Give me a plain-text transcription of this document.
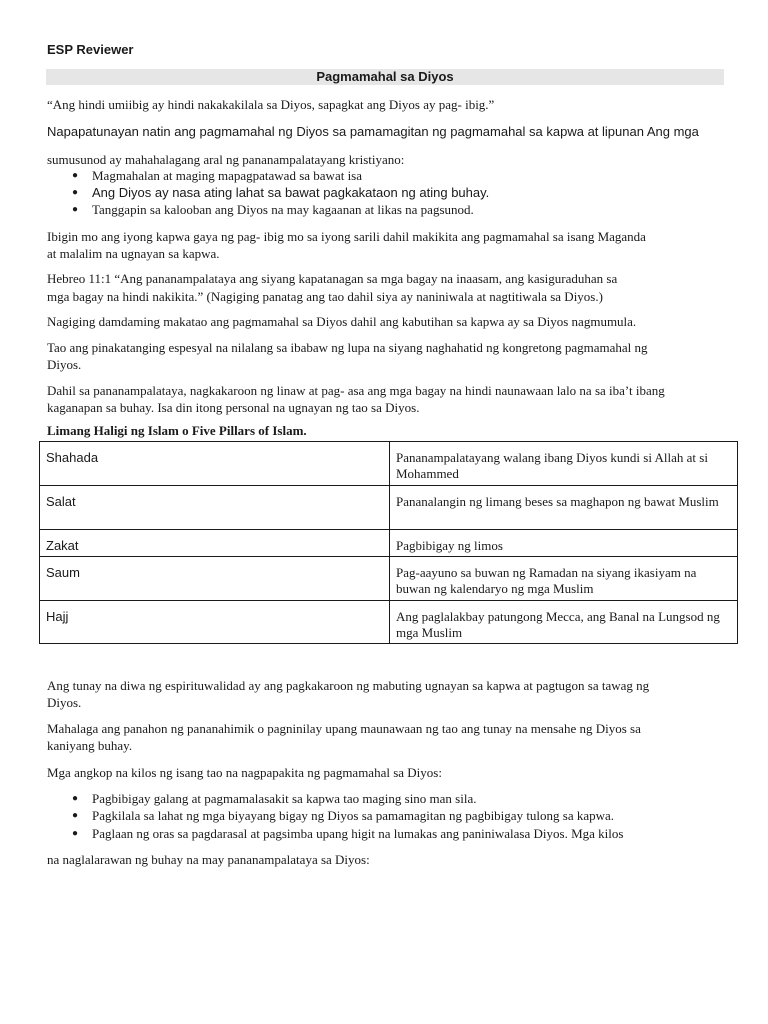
ESP Reviewer
Pagmamahal sa Diyos

“Ang hindi umiibig ay hindi nakakakilala sa Diyos, sapagkat ang Diyos ay pag- ibig.”

Napapatunayan natin ang pagmamahal ng Diyos sa pamamagitan ng pagmamahal sa kapwa at lipunan Ang mga

sumusunod ay mahahalagang aral ng pananampalatayang kristiyano:

●	Magmahalan at maging mapagpatawad sa bawat isa
●	Ang Diyos ay nasa ating lahat sa bawat pagkakataon ng ating buhay.
●	Tanggapin sa kalooban ang Diyos na may kagaanan at likas na pagsunod.

Ibigin mo ang iyong kapwa gaya ng pag- ibig mo sa iyong sarili dahil makikita ang pagmamahal sa isang Maganda

at malalim na ugnayan sa kapwa.

Hebreo 11:1 “Ang pananampalataya ang siyang kapatanagan sa mga bagay na inaasam, ang kasiguraduhan sa

mga bagay na hindi nakikita.” (Nagiging panatag ang tao dahil siya ay naniniwala at nagtitiwala sa Diyos.)

Nagiging damdaming makatao ang pagmamahal sa Diyos dahil ang kabutihan sa kapwa ay sa Diyos nagmumula.

Tao ang pinakatanging espesyal na nilalang sa ibabaw ng lupa na siyang naghahatid ng kongretong pagmamahal ng

Diyos.

Dahil sa pananampalataya, nagkakaroon ng linaw at pag- asa ang mga bagay na hindi naunawaan lalo na sa iba’t ibang

kaganapan sa buhay. Isa din itong personal na ugnayan ng tao sa Diyos.

Limang Haligi ng Islam o Five Pillars of Islam.
Shahada	Pananampalatayang walang ibang Diyos kundi si Allah at si Mohammed
Salat	Pananalangin ng limang beses sa maghapon ng bawat Muslim
Zakat	Pagbibigay ng limos
Saum	Pag-aayuno sa buwan ng Ramadan na siyang ikasiyam na buwan ng kalendaryo ng mga Muslim
Hajj	Ang paglalakbay patungong Mecca, ang Banal na Lungsod ng mga Muslim

Ang tunay na diwa ng espirituwalidad ay ang pagkakaroon ng mabuting ugnayan sa kapwa at pagtugon sa tawag ng

Diyos.

Mahalaga ang panahon ng pananahimik o pagninilay upang maunawaan ng tao ang tunay na mensahe ng Diyos sa

kaniyang buhay.

Mga angkop na kilos ng isang tao na nagpapakita ng pagmamahal sa Diyos:

●	Pagbibigay galang at pagmamalasakit sa kapwa tao maging sino man sila.
●	Pagkilala sa lahat ng mga biyayang bigay ng Diyos sa pamamagitan ng pagbibigay tulong sa kapwa.
●	Paglaan ng oras sa pagdarasal at pagsimba upang higit na lumakas ang paniniwalasa Diyos. Mga kilos

na naglalarawan ng buhay na may pananampalataya sa Diyos:
